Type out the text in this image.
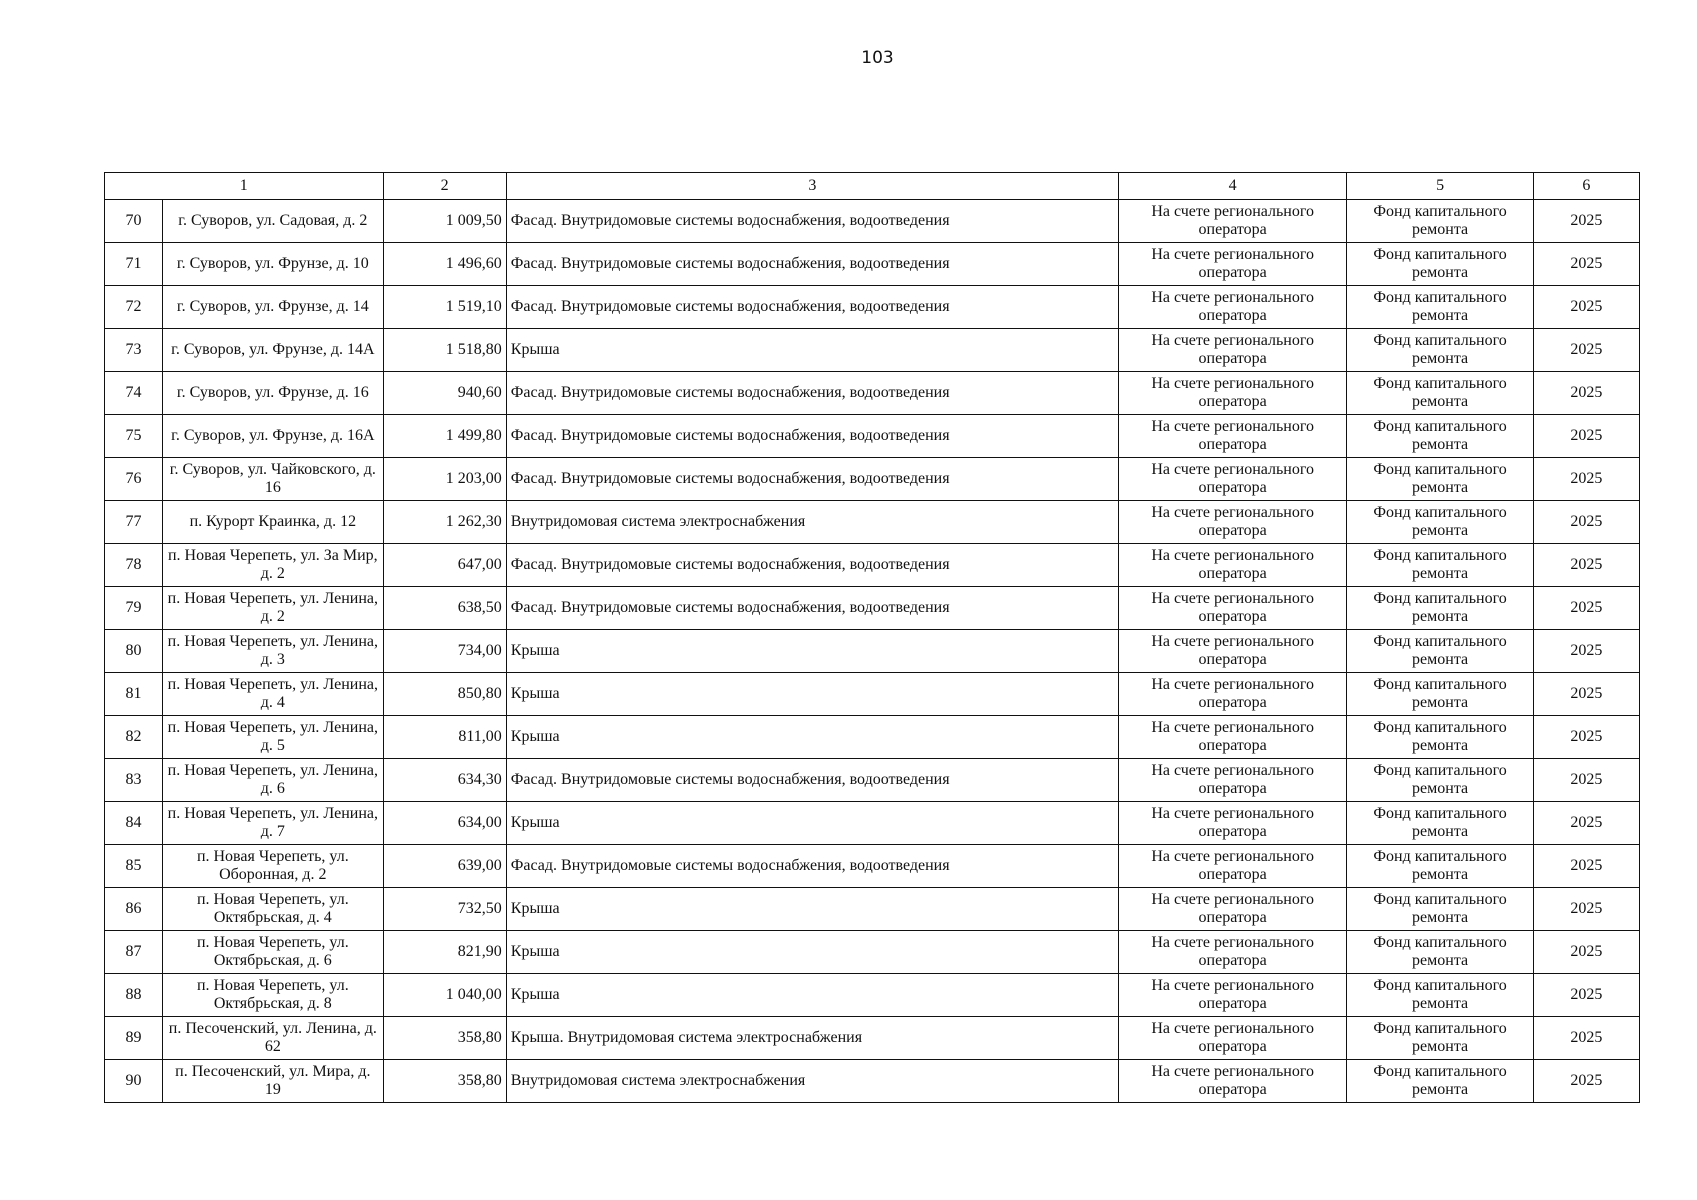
103
1		2	3	4	5	6
70	г. Суворов, ул. Садовая, д. 2	1 009,50	Фасад. Внутридомовые системы водоснабжения, водоотведения	На счете регионального оператора	Фонд капитального ремонта	2025
71	г. Суворов, ул. Фрунзе, д. 10	1 496,60	Фасад. Внутридомовые системы водоснабжения, водоотведения	На счете регионального оператора	Фонд капитального ремонта	2025
72	г. Суворов, ул. Фрунзе, д. 14	1 519,10	Фасад. Внутридомовые системы водоснабжения, водоотведения	На счете регионального оператора	Фонд капитального ремонта	2025
73	г. Суворов, ул. Фрунзе, д. 14А	1 518,80	Крыша	На счете регионального оператора	Фонд капитального ремонта	2025
74	г. Суворов, ул. Фрунзе, д. 16	940,60	Фасад. Внутридомовые системы водоснабжения, водоотведения	На счете регионального оператора	Фонд капитального ремонта	2025
75	г. Суворов, ул. Фрунзе, д. 16А	1 499,80	Фасад. Внутридомовые системы водоснабжения, водоотведения	На счете регионального оператора	Фонд капитального ремонта	2025
76	г. Суворов, ул. Чайковского, д. 16	1 203,00	Фасад. Внутридомовые системы водоснабжения, водоотведения	На счете регионального оператора	Фонд капитального ремонта	2025
77	п. Курорт Краинка, д. 12	1 262,30	Внутридомовая система электроснабжения	На счете регионального оператора	Фонд капитального ремонта	2025
78	п. Новая Черепеть, ул. За Мир, д. 2	647,00	Фасад. Внутридомовые системы водоснабжения, водоотведения	На счете регионального оператора	Фонд капитального ремонта	2025
79	п. Новая Черепеть, ул. Ленина, д. 2	638,50	Фасад. Внутридомовые системы водоснабжения, водоотведения	На счете регионального оператора	Фонд капитального ремонта	2025
80	п. Новая Черепеть, ул. Ленина, д. 3	734,00	Крыша	На счете регионального оператора	Фонд капитального ремонта	2025
81	п. Новая Черепеть, ул. Ленина, д. 4	850,80	Крыша	На счете регионального оператора	Фонд капитального ремонта	2025
82	п. Новая Черепеть, ул. Ленина, д. 5	811,00	Крыша	На счете регионального оператора	Фонд капитального ремонта	2025
83	п. Новая Черепеть, ул. Ленина, д. 6	634,30	Фасад. Внутридомовые системы водоснабжения, водоотведения	На счете регионального оператора	Фонд капитального ремонта	2025
84	п. Новая Черепеть, ул. Ленина, д. 7	634,00	Крыша	На счете регионального оператора	Фонд капитального ремонта	2025
85	п. Новая Черепеть, ул. Оборонная, д. 2	639,00	Фасад. Внутридомовые системы водоснабжения, водоотведения	На счете регионального оператора	Фонд капитального ремонта	2025
86	п. Новая Черепеть, ул. Октябрьская, д. 4	732,50	Крыша	На счете регионального оператора	Фонд капитального ремонта	2025
87	п. Новая Черепеть, ул. Октябрьская, д. 6	821,90	Крыша	На счете регионального оператора	Фонд капитального ремонта	2025
88	п. Новая Черепеть, ул. Октябрьская, д. 8	1 040,00	Крыша	На счете регионального оператора	Фонд капитального ремонта	2025
89	п. Песоченский, ул. Ленина, д. 62	358,80	Крыша. Внутридомовая система электроснабжения	На счете регионального оператора	Фонд капитального ремонта	2025
90	п. Песоченский, ул. Мира, д. 19	358,80	Внутридомовая система электроснабжения	На счете регионального оператора	Фонд капитального ремонта	2025
